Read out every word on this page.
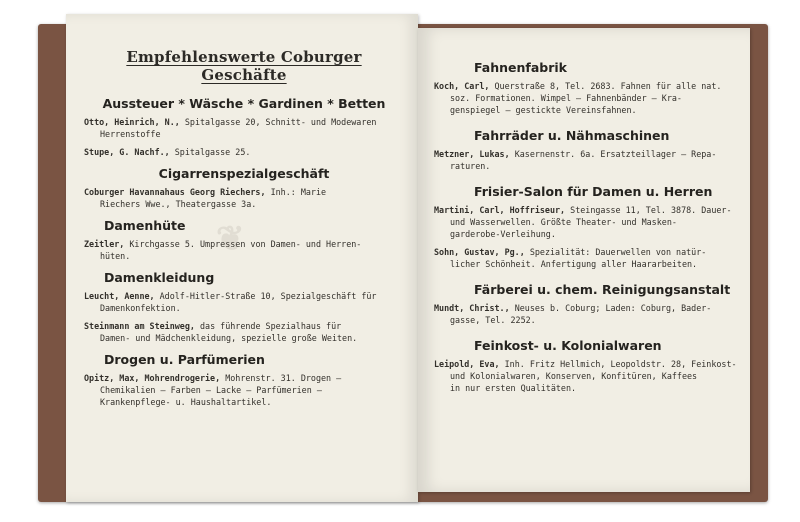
❦
Empfehlenswerte Coburger Geschäfte
Aussteuer * Wäsche * Gardinen * Betten
Otto, Heinrich, N., Spitalgasse 20, Schnitt- und Modewaren
Herrenstoffe
Stupe, G. Nachf., Spitalgasse 25.
Cigarrenspezialgeschäft
Coburger Havannahaus Georg Riechers, Inh.: Marie
Riechers Wwe., Theatergasse 3a.
Damenhüte
Zeitler, Kirchgasse 5. Umpressen von Damen- und Herren-
hüten.
Damenkleidung
Leucht, Aenne, Adolf-Hitler-Straße 10, Spezialgeschäft für
Damenkonfektion.
Steinmann am Steinweg, das führende Spezialhaus für
Damen- und Mädchenkleidung, spezielle große Weiten.
Drogen u. Parfümerien
Opitz, Max, Mohrendrogerie, Mohrenstr. 31. Drogen —
Chemikalien — Farben — Lacke — Parfümerien —
Krankenpflege- u. Haushaltartikel.
Fahnenfabrik
Koch, Carl, Querstraße 8, Tel. 2683. Fahnen für alle nat.
soz. Formationen. Wimpel — Fahnenbänder — Kra-
genspiegel — gestickte Vereinsfahnen.
Fahrräder u. Nähmaschinen
Metzner, Lukas, Kasernenstr. 6a. Ersatzteillager — Repa-
raturen.
Frisier-Salon für Damen u. Herren
Martini, Carl, Hoffriseur, Steingasse 11, Tel. 3878. Dauer-
und Wasserwellen. Größte Theater- und Masken-
garderobe-Verleihung.
Sohn, Gustav, Pg., Spezialität: Dauerwellen von natür-
licher Schönheit. Anfertigung aller Haararbeiten.
Färberei u. chem. Reinigungsanstalt
Mundt, Christ., Neuses b. Coburg; Laden: Coburg, Bader-
gasse, Tel. 2252.
Feinkost- u. Kolonialwaren
Leipold, Eva, Inh. Fritz Hellmich, Leopoldstr. 28, Feinkost-
und Kolonialwaren, Konserven, Konfitüren, Kaffees
in nur ersten Qualitäten.
